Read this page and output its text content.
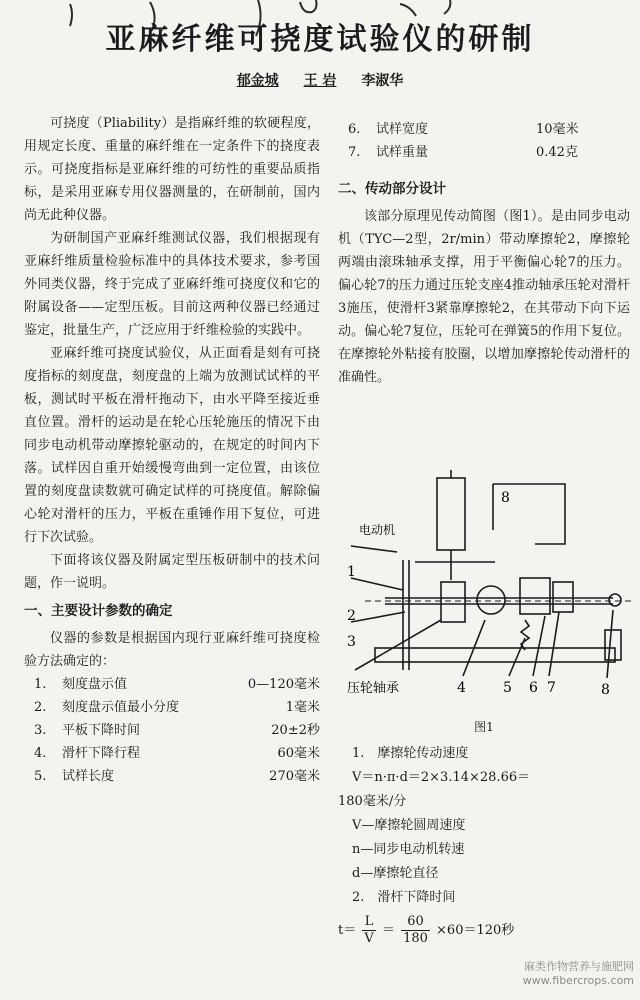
亚麻纤维可挠度试验仪的研制
郁金城 王 岩 李淑华

可挠度（Pliability）是指麻纤维的软硬程度，用规定长度、重量的麻纤维在一定条件下的挠度表示。可挠度指标是亚麻纤维的可纺性的重要品质指标，是采用亚麻专用仪器测量的，在研制前，国内尚无此种仪器。

为研制国产亚麻纤维测试仪器，我们根据现有亚麻纤维质量检验标准中的具体技术要求，参考国外同类仪器，终于完成了亚麻纤维可挠度仪和它的附属设备——定型压板。目前这两种仪器已经通过鉴定，批量生产，广泛应用于纤维检验的实践中。

亚麻纤维可挠度试验仪，从正面看是刻有可挠度指标的刻度盘，刻度盘的上端为放测试试样的平板，测试时平板在滑杆拖动下，由水平降至接近垂直位置。滑杆的运动是在轮心压轮施压的情况下由同步电动机带动摩擦轮驱动的，在规定的时间内下落。试样因自重开始缓慢弯曲到一定位置，由该位置的刻度盘读数就可确定试样的可挠度值。解除偏心轮对滑杆的压力，平板在重锤作用下复位，可进行下次试验。

下面将该仪器及附属定型压板研制中的技术问题，作一说明。

一、主要设计参数的确定

仪器的参数是根据国内现行亚麻纤维可挠度检验方法确定的：

1.	刻度盘示值	0—120毫米
2.	刻度盘示值最小分度	1毫米
3.	平板下降时间	20±2秒
4.	滑杆下降行程	60毫米
5.	试样长度	270毫米
6.	试样宽度	10毫米
7.	试样重量	0.42克
二、传动部分设计

该部分原理见传动简图（图1）。是由同步电动机（TYC—2型，2r/min）带动摩擦轮2，摩擦轮两端由滚珠轴承支撑，用于平衡偏心轮7的压力。偏心轮7的压力通过压轮支座4推动轴承压轮对滑杆3施压，使滑杆3紧靠摩擦轮2，在其带动下向下运动。偏心轮7复位，压轮可在弹簧5的作用下复位。在摩擦轮外粘接有胶圈，以增加摩擦轮传动滑杆的准确性。

电动机
8
1
2
3
压轮轴承	4	5 6 7	8
图1
1.　摩擦轮传动速度
V＝n·π·d＝2×3.14×28.66＝
180毫米/分
V—摩擦轮圆周速度
n—同步电动机转速
d—摩擦轮直径
2.　滑杆下降时间
$t= \frac{L}{V} = \frac{60}{180} \times 60=120$秒
麻类作物营养与施肥网
www.fibercrops.com
